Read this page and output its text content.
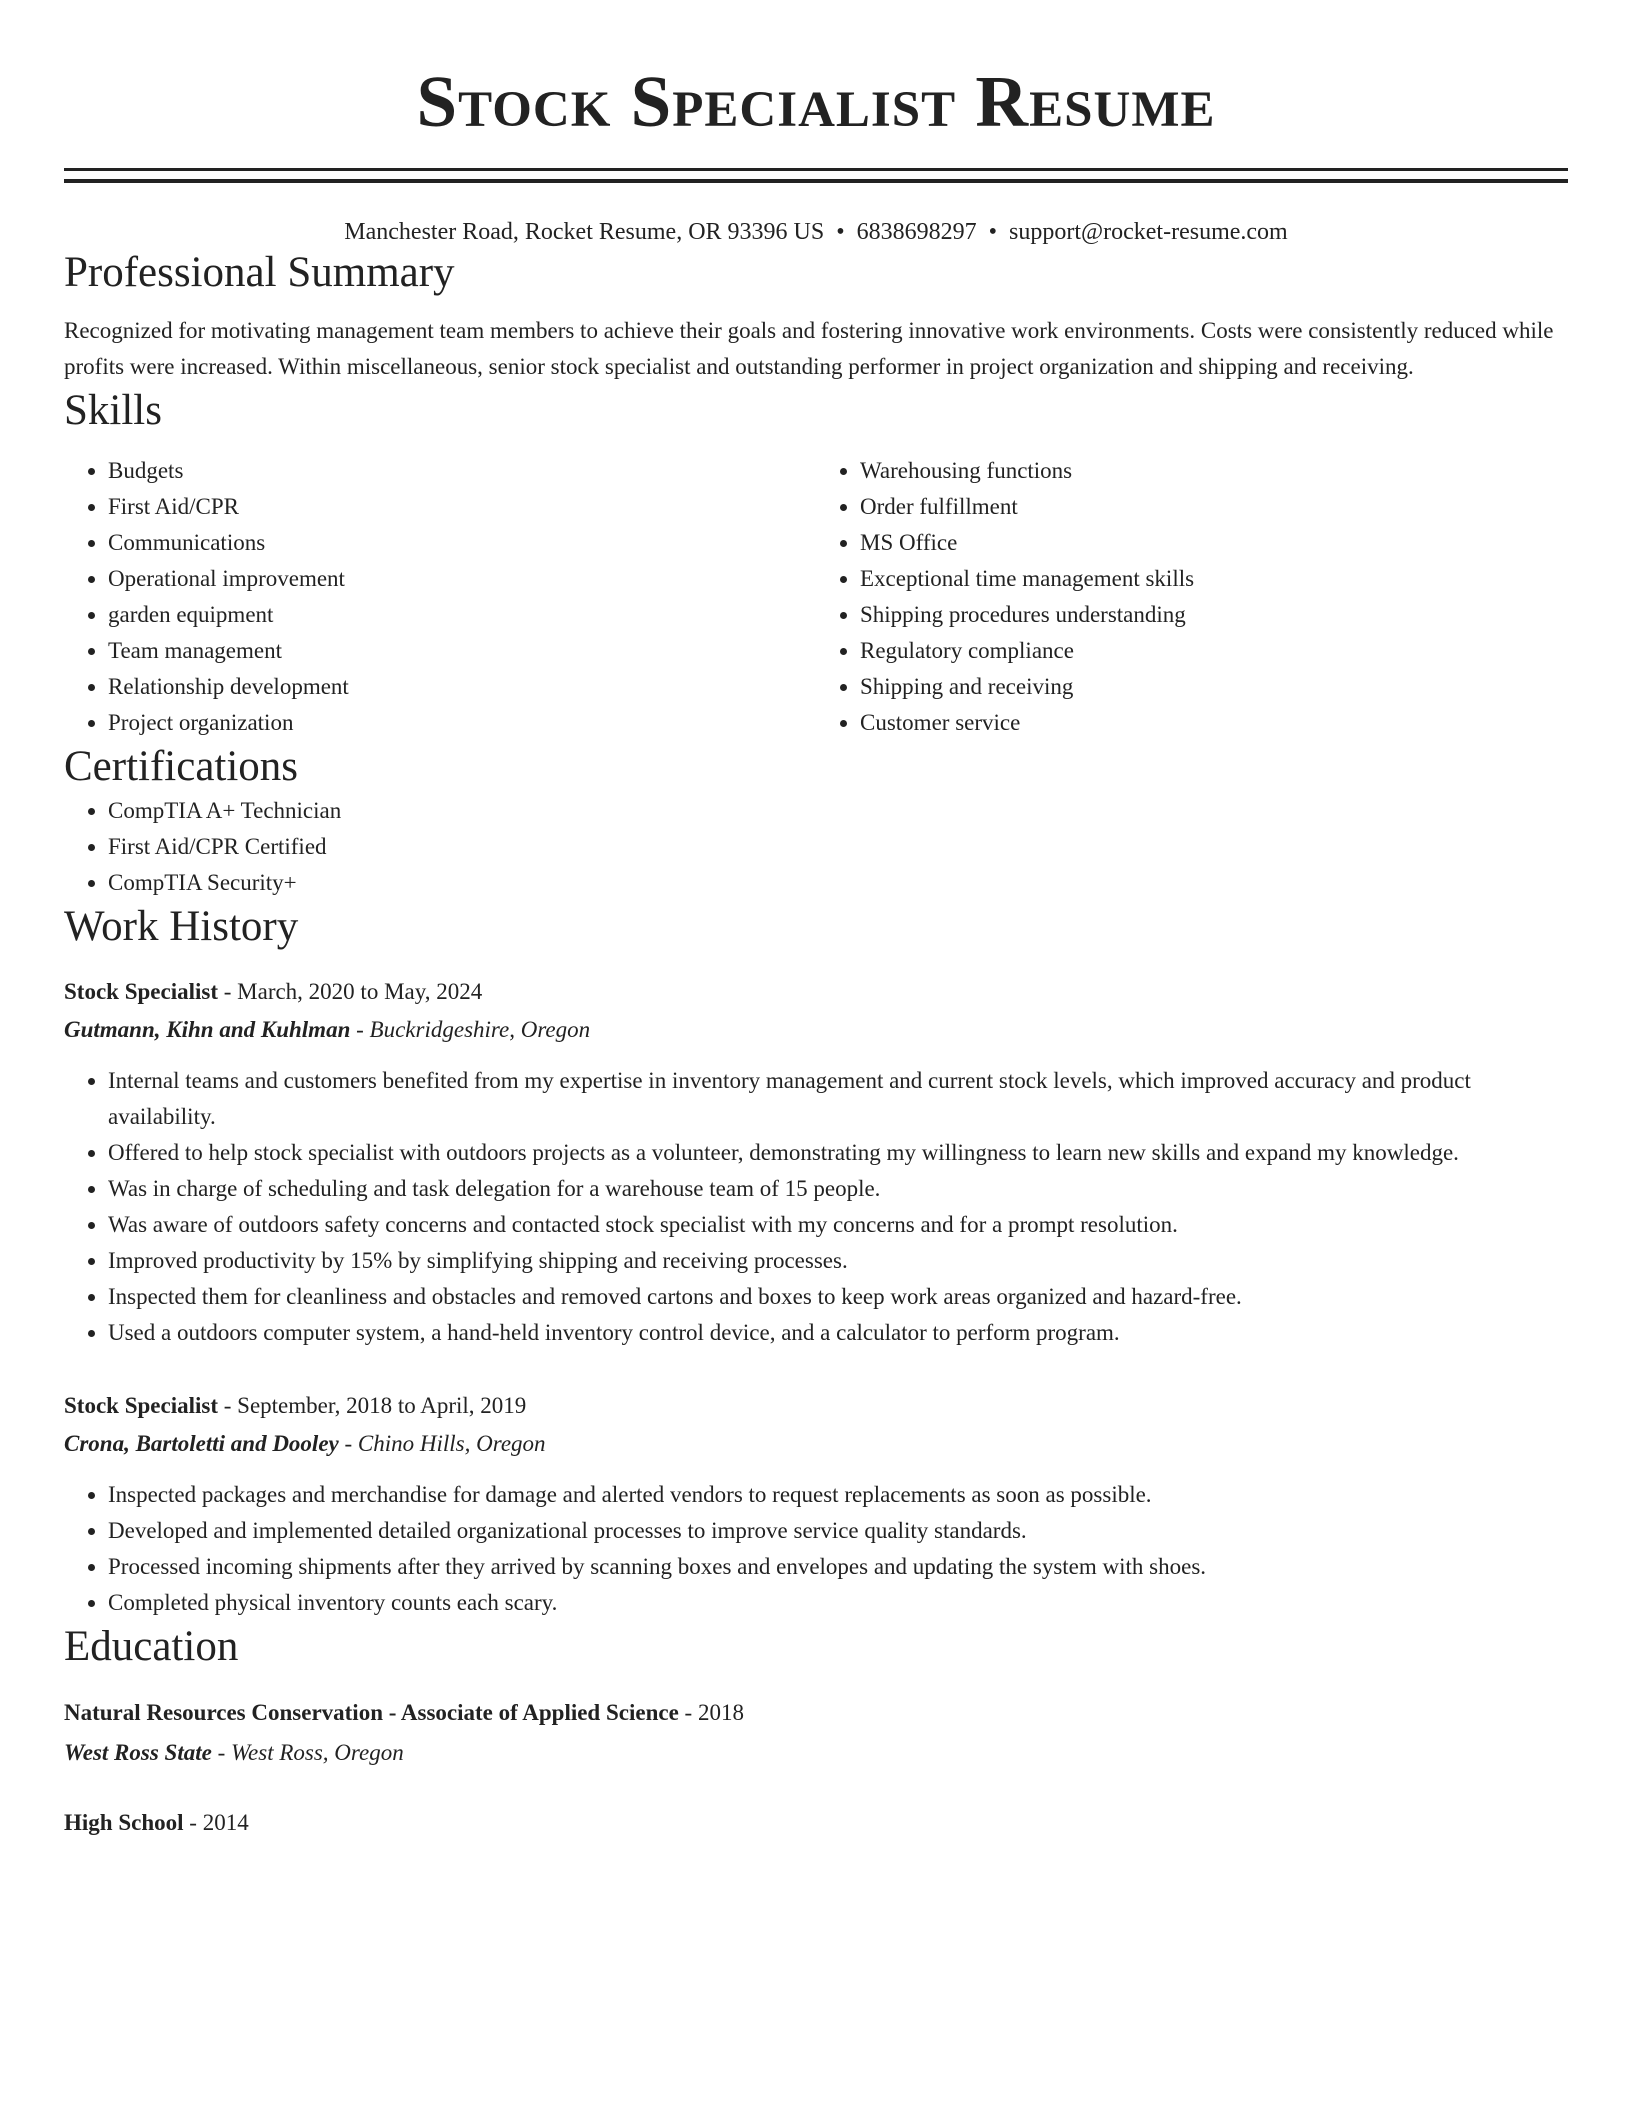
Stock Specialist Resume
Manchester Road, Rocket Resume, OR 93396 US • 6838698297 • support@rocket-resume.com
Professional Summary

Recognized for motivating management team members to achieve their goals and fostering innovative work environments. Costs were consistently reduced while profits were increased. Within miscellaneous, senior stock specialist and outstanding performer in project organization and shipping and receiving.

Skills
• Budgets
• First Aid/CPR
• Communications
• Operational improvement
• garden equipment
• Team management
• Relationship development
• Project organization
• Warehousing functions
• Order fulfillment
• MS Office
• Exceptional time management skills
• Shipping procedures understanding
• Regulatory compliance
• Shipping and receiving
• Customer service
Certifications
• CompTIA A+ Technician
• First Aid/CPR Certified
• CompTIA Security+
Work History
Stock Specialist - March, 2020 to May, 2024
Gutmann, Kihn and Kuhlman - Buckridgeshire, Oregon
• Internal teams and customers benefited from my expertise in inventory management and current stock levels, which improved accuracy and product availability.
• Offered to help stock specialist with outdoors projects as a volunteer, demonstrating my willingness to learn new skills and expand my knowledge.
• Was in charge of scheduling and task delegation for a warehouse team of 15 people.
• Was aware of outdoors safety concerns and contacted stock specialist with my concerns and for a prompt resolution.
• Improved productivity by 15% by simplifying shipping and receiving processes.
• Inspected them for cleanliness and obstacles and removed cartons and boxes to keep work areas organized and hazard-free.
• Used a outdoors computer system, a hand-held inventory control device, and a calculator to perform program.
Stock Specialist - September, 2018 to April, 2019
Crona, Bartoletti and Dooley - Chino Hills, Oregon
• Inspected packages and merchandise for damage and alerted vendors to request replacements as soon as possible.
• Developed and implemented detailed organizational processes to improve service quality standards.
• Processed incoming shipments after they arrived by scanning boxes and envelopes and updating the system with shoes.
• Completed physical inventory counts each scary.
Education
Natural Resources Conservation - Associate of Applied Science - 2018
West Ross State - West Ross, Oregon
High School - 2014
